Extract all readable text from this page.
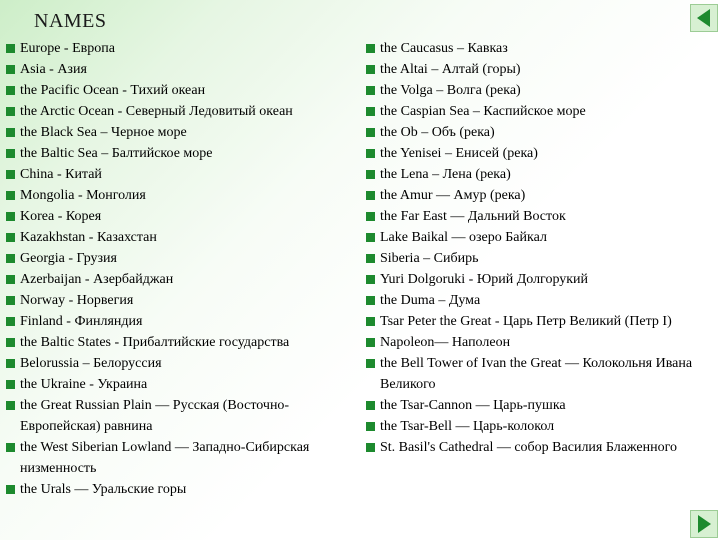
NAMES
Europe - Европа
Asia - Азия
the Pacific Ocean - Тихий океан
the Arctic Ocean - Северный Ледовитый океан
the Black Sea – Черное море
the Baltic Sea – Балтийское море
China - Китай
Mongolia - Монголия
Korea - Корея
Kazakhstan - Казахстан
Georgia - Грузия
Azerbaijan - Азербайджан
Norway - Норвегия
Finland - Финляндия
the Baltic States - Прибалтийские государства
Belorussia – Белоруссия
the Ukraine - Украина
the Great Russian Plain — Русская (Восточно-Европейская) равнина
the West Siberian Lowland — Западно-Сибирская низменность
the Urals — Уральские горы
the Caucasus – Кавказ
the Altai – Алтай (горы)
the Volga – Волга (река)
the Caspian Sea – Каспийское море
the Ob – Объ (река)
the Yenisei – Енисей (река)
the Lena – Лена (река)
the Amur — Амур (река)
the Far East — Дальний Восток
Lake Baikal — озеро Байкал
Siberia – Сибирь
Yuri Dolgoruki - Юрий Долгорукий
the Duma – Дума
Tsar Peter the Great - Царь Петр Великий (Петр I)
Napoleon— Наполеон
the Bell Tower of Ivan the Great — Колокольня Ивана Великого
the Tsar-Cannon — Царь-пушка
the Tsar-Bell — Царь-колокол
St. Basil's Cathedral — собор Василия Блаженного
